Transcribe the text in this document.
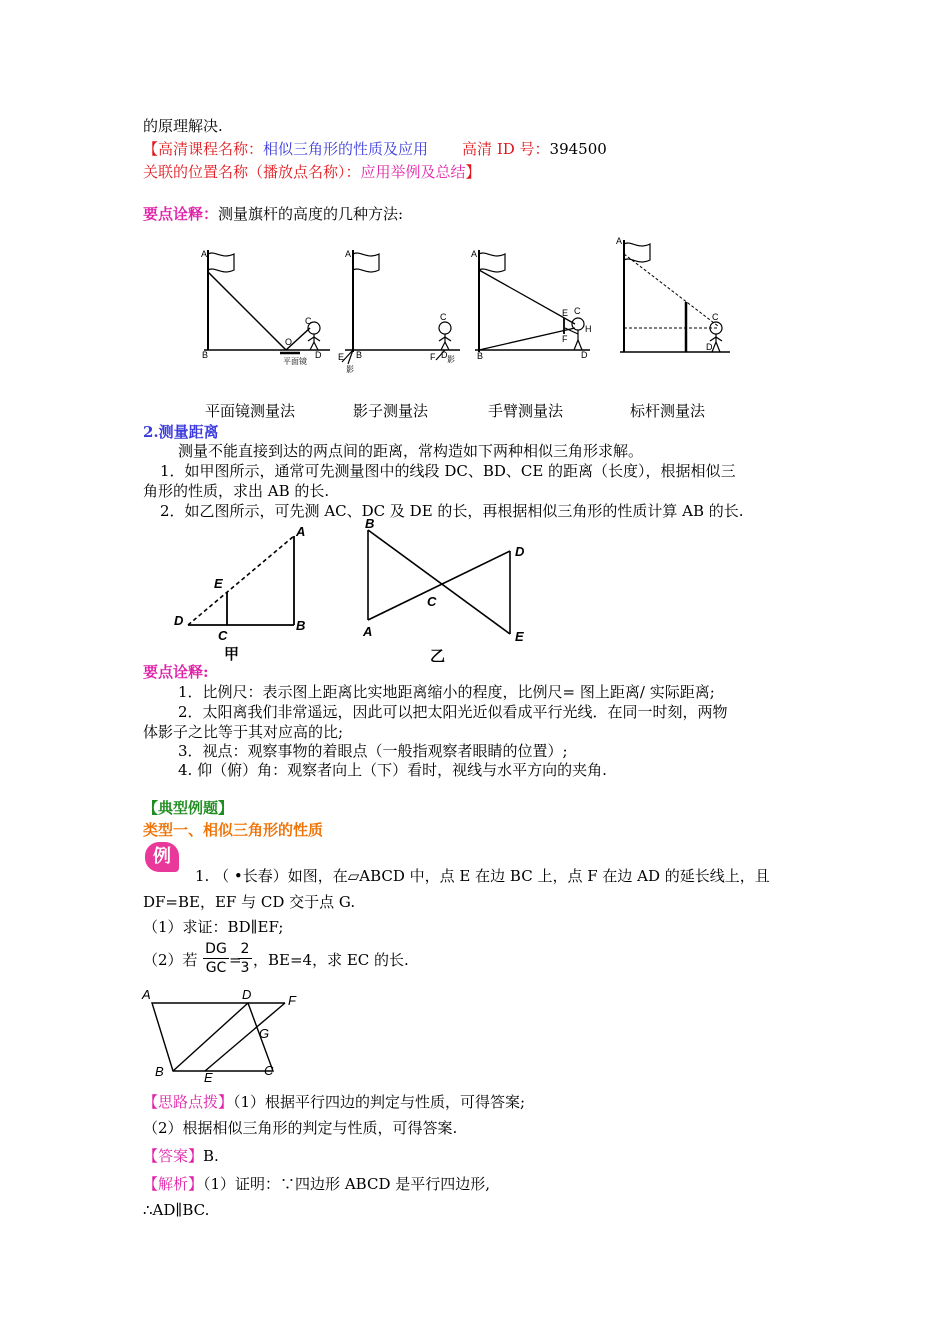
的原理解决.
【高清课程名称：相似三角形的性质及应用 高清 ID 号：394500
关联的位置名称（播放点名称）：应用举例及总结】
要点诠释：测量旗杆的高度的几种方法:
A
B
O
C
D
平面镜
A
E B
C
F D
影
影
A
E C
H
F
B	D
A
C
D
平面镜测量法	影子测量法	手臂测量法	标杆测量法
2.测量距离
测量不能直接到达的两点间的距离，常构造如下两种相似三角形求解。
1．如甲图所示，通常可先测量图中的线段 DC、BD、CE 的距离（长度），根据相似三
角形的性质，求出 AB 的长.
2．如乙图所示，可先测 AC、DC 及 DE 的长，再根据相似三角形的性质计算 AB 的长.
A
E
D
C
B
甲
B
D
C
A	E
乙
要点诠释:
1．比例尺：表示图上距离比实地距离缩小的程度，比例尺= 图上距离/ 实际距离;
2．太阳离我们非常遥远，因此可以把太阳光近似看成平行光线．在同一时刻，两物
体影子之比等于其对应高的比;
3．视点：观察事物的着眼点（一般指观察者眼睛的位置）;
4. 仰（俯）角：观察者向上（下）看时，视线与水平方向的夹角.
【典型例题】
类型一、相似三角形的性质
例
1. （ •长春）如图，在▱ABCD 中，点 E 在边 BC 上，点 F 在边 AD 的延长线上，且
DF=BE，EF 与 CD 交于点 G.
（1）求证：BD∥EF;
（2）若 $\frac{DG}{GC}$ =
$\frac{2}{3}$ ，BE=4，求 EC 的长.
A	D	F
G
B	E	C
【思路点拨】（1）根据平行四边的判定与性质，可得答案;
（2）根据相似三角形的判定与性质，可得答案.
【答案】B.
【解析】（1）证明：∵四边形 ABCD 是平行四边形,
∴AD∥BC.
